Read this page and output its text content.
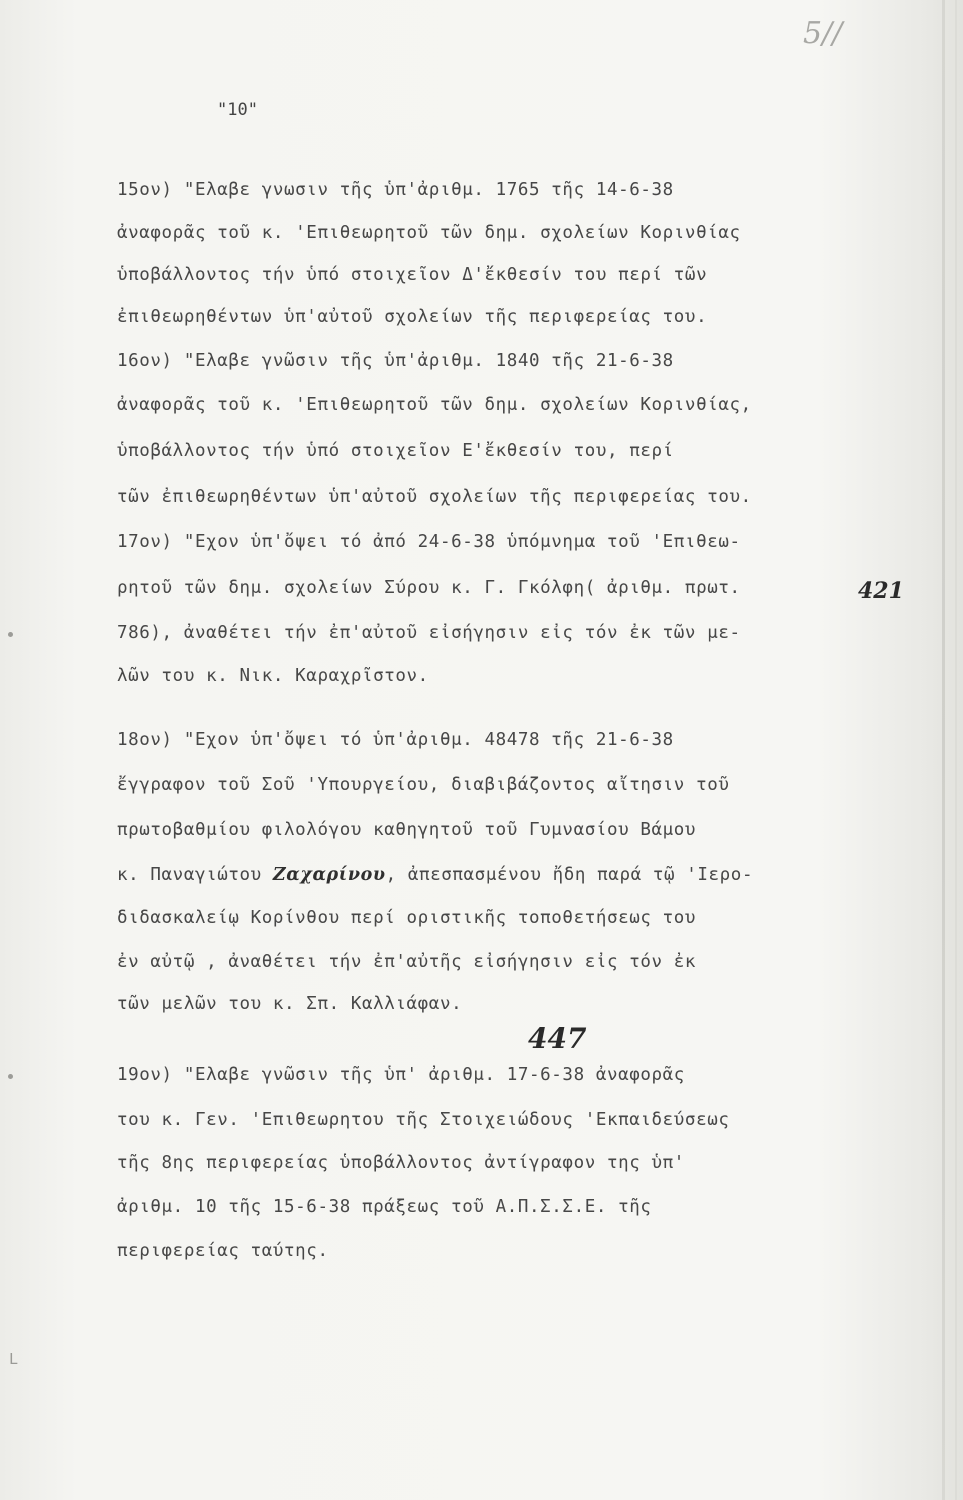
5//
L
"10"
15ον) "Ελαβε γνωσιν τῆς ὑπ'ἀριθμ. 1765 τῆς 14-6-38
ἀναφορᾶς τοῦ κ. 'Επιθεωρητοῦ τῶν δημ. σχολείων Κορινθίας
ὑποβάλλοντος τήν ὑπό στοιχεῖον Δ'ἔκθεσίν του περί τῶν
ἐπιθεωρηθέντων ὑπ'αὐτοῦ σχολείων τῆς περιφερείας του.
16ον) "Ελαβε γνῶσιν τῆς ὑπ'ἀριθμ. 1840 τῆς 21-6-38
ἀναφορᾶς τοῦ κ. 'Επιθεωρητοῦ τῶν δημ. σχολείων Κορινθίας,
ὑποβάλλοντος τήν ὑπό στοιχεῖον Ε'ἔκθεσίν του, περί
τῶν ἐπιθεωρηθέντων ὑπ'αὐτοῦ σχολείων τῆς περιφερείας του.
17ον) "Εχον ὑπ'ὄψει τό ἀπό 24-6-38 ὑπόμνημα τοῦ 'Επιθεω-
ρητοῦ τῶν δημ. σχολείων Σύρου κ. Γ. Γκόλφη( ἀριθμ. πρωτ.	421
786), ἀναθέτει τήν ἐπ'αὐτοῦ εἰσήγησιν εἰς τόν ἐκ τῶν με-
λῶν του κ. Νικ. Καραχρῖστον.
18ον) "Εχον ὑπ'ὄψει τό ὑπ'ἀριθμ. 48478 τῆς 21-6-38
ἔγγραφον τοῦ Σοῦ 'Υπουργείου, διαβιβάζοντος αἴτησιν τοῦ
πρωτοβαθμίου φιλολόγου καθηγητοῦ τοῦ Γυμνασίου Βάμου
κ. Παναγιώτου Ζαχαρίνου, ἀπεσπασμένου ἤδη παρά τῷ 'Ιερο-
διδασκαλείῳ Κορίνθου περί οριστικῆς τοποθετήσεως του
ἐν αὐτῷ , ἀναθέτει τήν ἐπ'αὐτῆς εἰσήγησιν εἰς τόν ἐκ
τῶν μελῶν του κ. Σπ. Καλλιάφαν.
447
19ον) "Ελαβε γνῶσιν τῆς ὑπ' ἀριθμ. 17-6-38 ἀναφορᾶς
του κ. Γεν. 'Επιθεωρητου τῆς Στοιχειώδους 'Εκπαιδεύσεως
τῆς 8ης περιφερείας ὑποβάλλοντος ἀντίγραφον της ὑπ'
ἀριθμ. 10 τῆς 15-6-38 πράξεως τοῦ Α.Π.Σ.Σ.Ε. τῆς
περιφερείας ταύτης.
